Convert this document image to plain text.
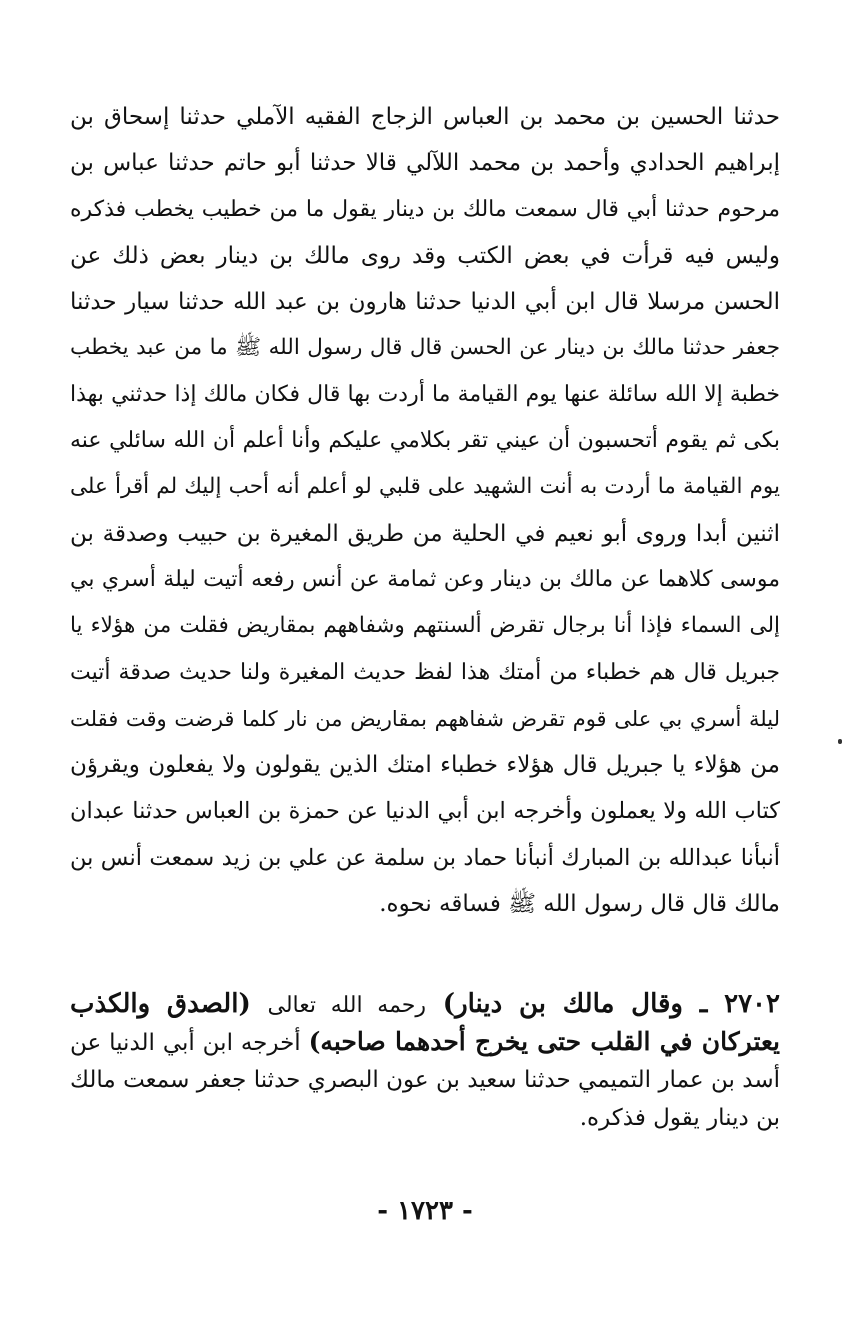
حدثنا الحسين بن محمد بن العباس الزجاج الفقيه الآملي حدثنا إسحاق بن
إبراهيم الحدادي وأحمد بن محمد اللآلي قالا حدثنا أبو حاتم حدثنا عباس بن
مرحوم حدثنا أبي قال سمعت مالك بن دينار يقول ما من خطيب يخطب فذكره
وليس فيه قرأت في بعض الكتب وقد روى مالك بن دينار بعض ذلك عن
الحسن مرسلا قال ابن أبي الدنيا حدثنا هارون بن عبد الله حدثنا سيار حدثنا
جعفر حدثنا مالك بن دينار عن الحسن قال قال رسول الله ﷺ ما من عبد يخطب
خطبة إلا الله سائلة عنها يوم القيامة ما أردت بها قال فكان مالك إذا حدثني بهذا
بكى ثم يقوم أتحسبون أن عيني تقر بكلامي عليكم وأنا أعلم أن الله سائلي عنه
يوم القيامة ما أردت به أنت الشهيد على قلبي لو أعلم أنه أحب إليك لم أقرأ على
اثنين أبدا وروى أبو نعيم في الحلية من طريق المغيرة بن حبيب وصدقة بن
موسى كلاهما عن مالك بن دينار وعن ثمامة عن أنس رفعه أتيت ليلة أسري بي
إلى السماء فإذا أنا برجال تقرض ألسنتهم وشفاههم بمقاريض فقلت من هؤلاء يا
جبريل قال هم خطباء من أمتك هذا لفظ حديث المغيرة ولنا حديث صدقة أتيت
ليلة أسري بي على قوم تقرض شفاههم بمقاريض من نار كلما قرضت وقت فقلت
من هؤلاء يا جبريل قال هؤلاء خطباء امتك الذين يقولون ولا يفعلون ويقرؤن
كتاب الله ولا يعملون وأخرجه ابن أبي الدنيا عن حمزة بن العباس حدثنا عبدان
أنبأنا عبدالله بن المبارك أنبأنا حماد بن سلمة عن علي بن زيد سمعت أنس بن
مالك قال قال رسول الله ﷺ فساقه نحوه.
٢٧٠٢ ـ وقال مالك بن دينار) رحمه الله تعالى (الصدق والكذب
يعتركان في القلب حتى يخرج أحدهما صاحبه) أخرجه ابن أبي الدنيا عن
أسد بن عمار التميمي حدثنا سعيد بن عون البصري حدثنا جعفر سمعت مالك
بن دينار يقول فذكره.
- ١٧٢٣ -
